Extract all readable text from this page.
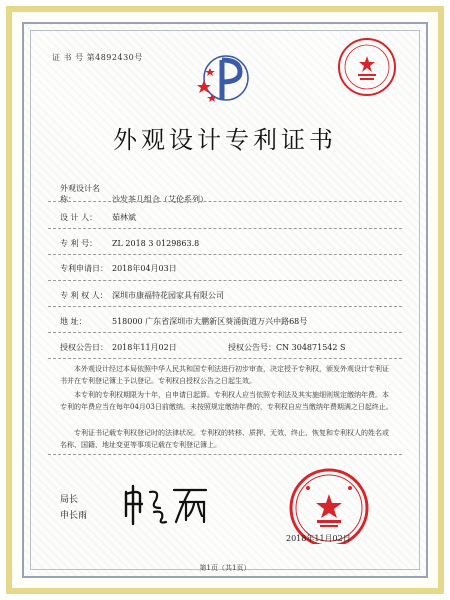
证 书 号 第4892430号
外观设计专利证书
外观设计名称：	沙发茶几组合（艾伦系列）
设 计 人： 茹林斌
专 利 号： ZL 2018 3 0129863.8
专利申请日： 2018年04月03日
专 利 权 人： 深圳市康福特花园家具有限公司
地 址：	518000 广东省深圳市大鹏新区葵涌街道万兴中路68号
授权公告日： 2018年11月02日	授权公告号：CN 304871542 S
本外观设计经过本局依照中华人民共和国专利法进行初步审查，决定授予专利权，颁发外观设计专利证书并在专利登记簿上予以登记。专利权自授权公告之日起生效。
本专利的专利权期限为十年，自申请日起算。专利权人应当依照专利法及其实施细则规定缴纳年费。本专利的年费应当在每年04月03日前缴纳。未按照规定缴纳年费的，专利权自应当缴纳年费期满之日起终止。
专利证书记载专利权登记时的法律状况。专利权的转移、质押、无效、终止、恢复和专利权人的姓名或名称、国籍、地址变更等事项记载在专利登记簿上。
局长
申长雨
2018年11月02日
第1页（共1页）
